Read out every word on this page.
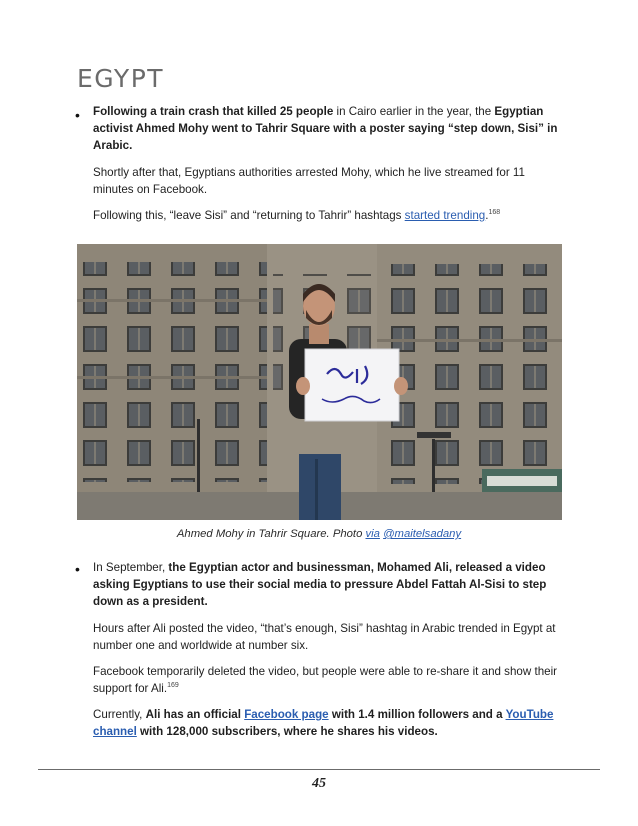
EGYPT
• Following a train crash that killed 25 people in Cairo earlier in the year, the Egyptian activist Ahmed Mohy went to Tahrir Square with a poster saying “step down, Sisi” in Arabic.

Shortly after that, Egyptians authorities arrested Mohy, which he live streamed for 11 minutes on Facebook.

Following this, “leave Sisi” and “returning to Tahrir” hashtags started trending.$^{168}$

Ahmed Mohy in Tahrir Square. Photo via @maitelsadany
• In September, the Egyptian actor and businessman, Mohamed Ali, released a video asking Egyptians to use their social media to pressure Abdel Fattah Al-Sisi to step down as a president.

Hours after Ali posted the video, “that’s enough, Sisi” hashtag in Arabic trended in Egypt at number one and worldwide at number six.

Facebook temporarily deleted the video, but people were able to re-share it and show their support for Ali.$^{169}$

Currently, Ali has an official Facebook page with 1.4 million followers and a YouTube channel with 128,000 subscribers, where he shares his videos.

45
